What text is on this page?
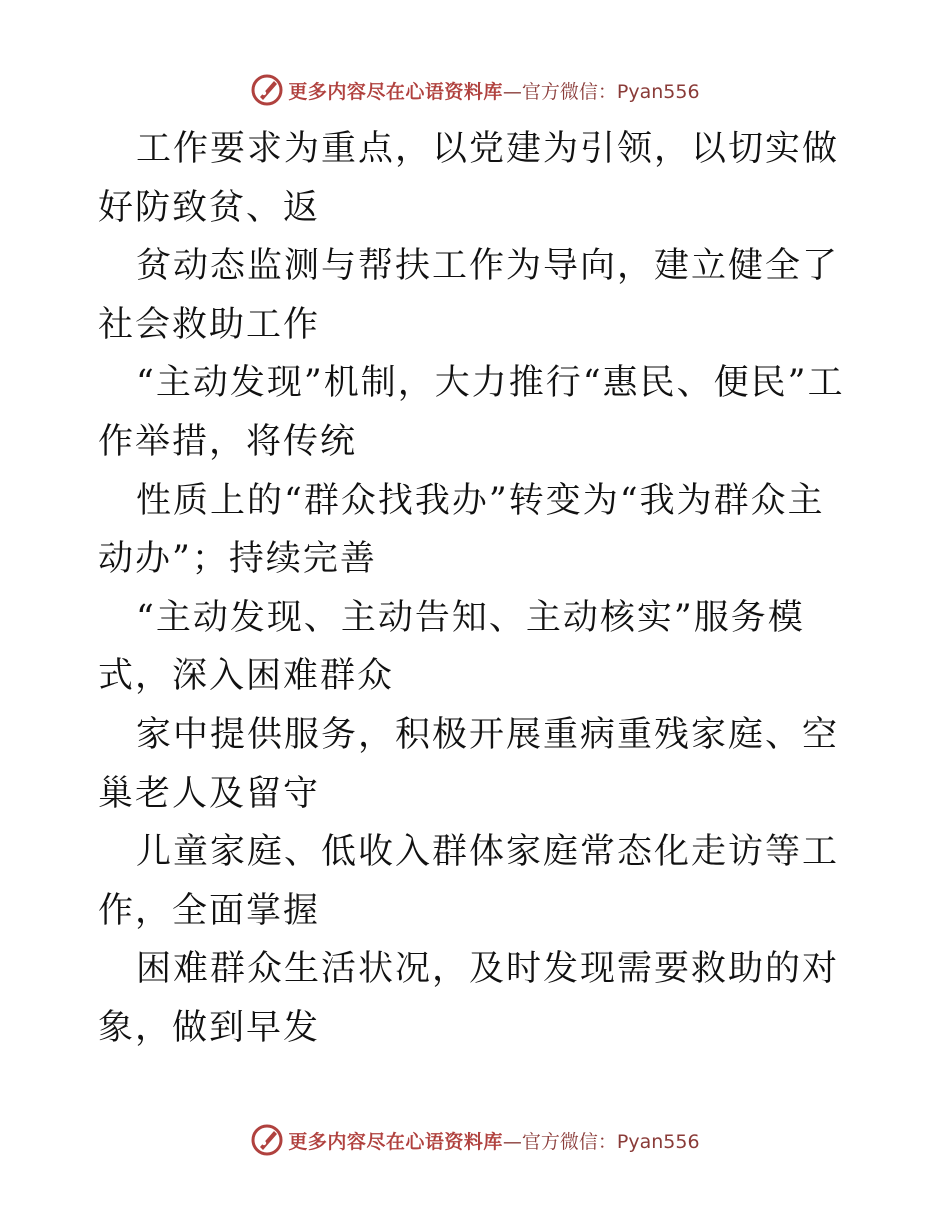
更多内容尽在心语资料库 —官方微信：Pyan556

工作要求为重点，以党建为引领，以切实做好防致贫、返

贫动态监测与帮扶工作为导向，建立健全了社会救助工作

“主动发现”机制，大力推行“惠民、便民”工作举措，将传统

性质上的“群众找我办”转变为“我为群众主动办”；持续完善

“主动发现、主动告知、主动核实”服务模式，深入困难群众

家中提供服务，积极开展重病重残家庭、空巢老人及留守

儿童家庭、低收入群体家庭常态化走访等工作，全面掌握

困难群众生活状况，及时发现需要救助的对象，做到早发

更多内容尽在心语资料库 —官方微信：Pyan556
